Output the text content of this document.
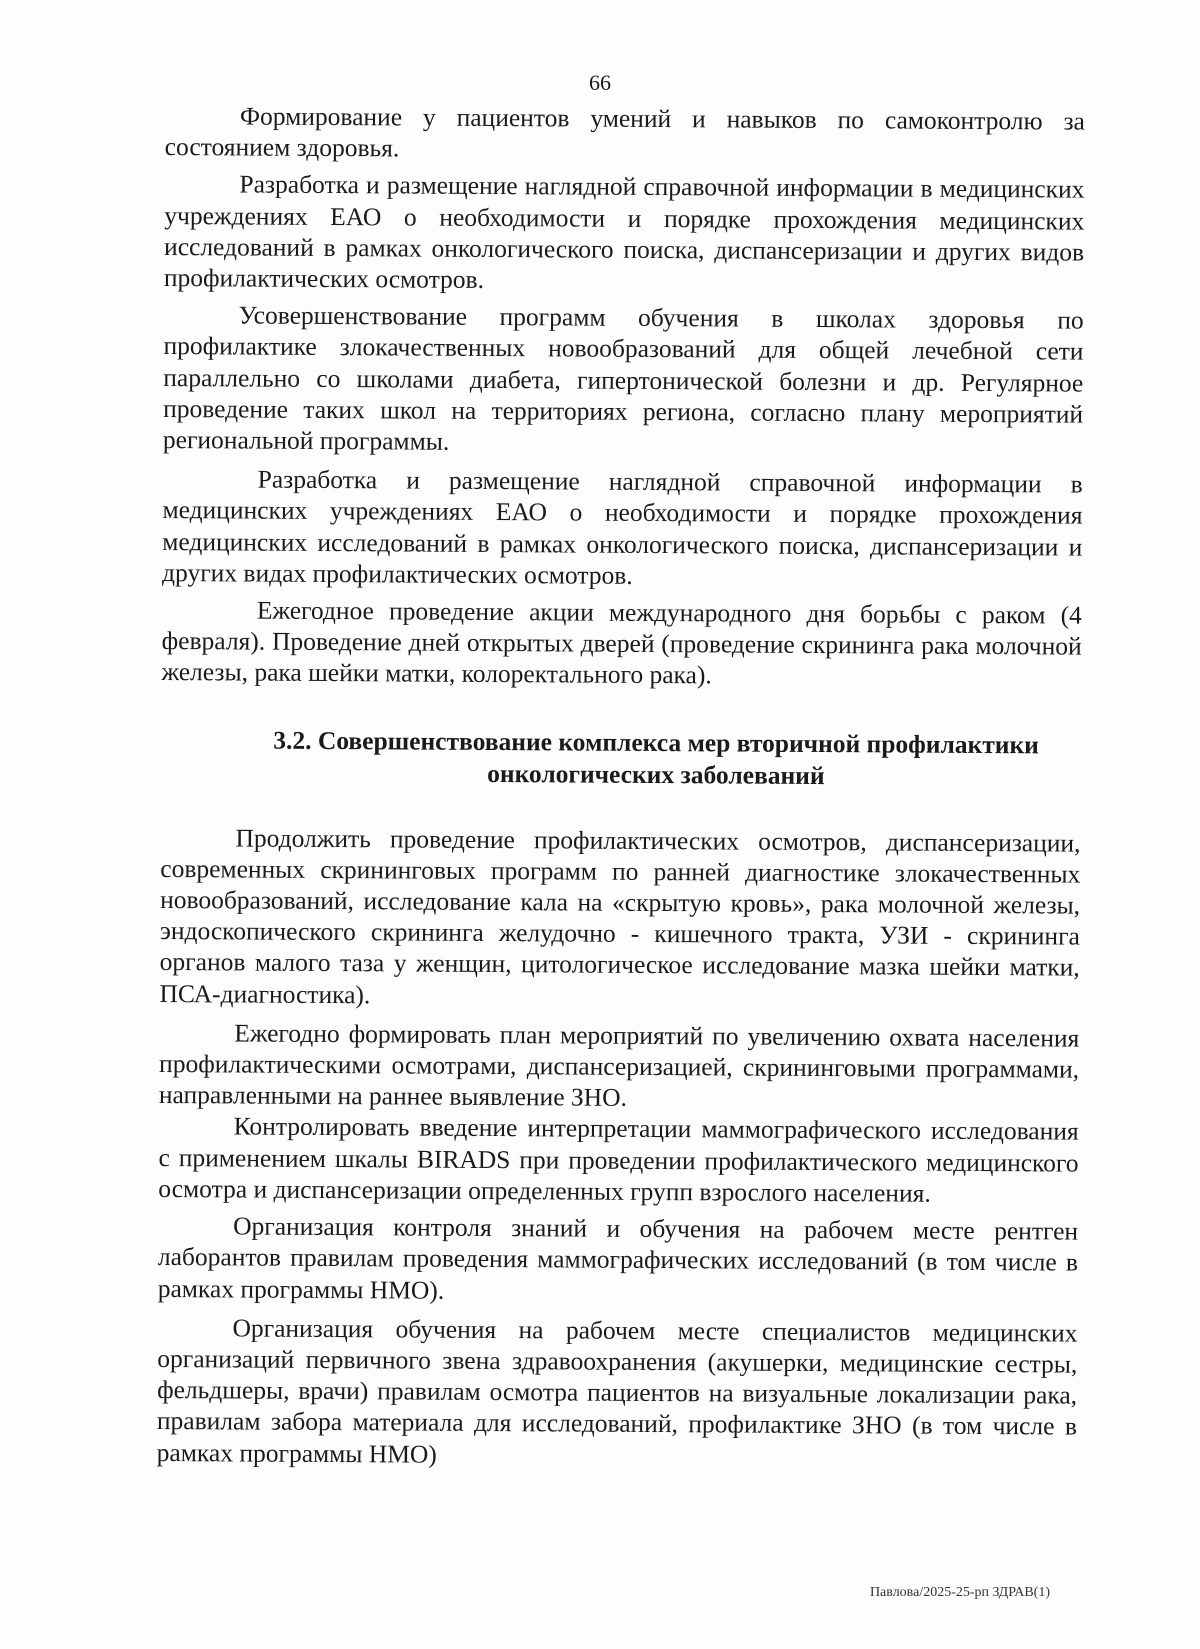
66

Формирование у пациентов умений и навыков по самоконтролю за состоянием здоровья.

Разработка и размещение наглядной справочной информации в медицинских учреждениях ЕАО о необходимости и порядке прохождения медицинских исследований в рамках онкологического поиска, диспансеризации и других видов профилактических осмотров.

Усовершенствование программ обучения в школах здоровья по профилактике злокачественных новообразований для общей лечебной сети параллельно со школами диабета, гипертонической болезни и др. Регулярное проведение таких школ на территориях региона, согласно плану мероприятий региональной программы.

Разработка и размещение наглядной справочной информации в медицинских учреждениях ЕАО о необходимости и порядке прохождения медицинских исследований в рамках онкологического поиска, диспансеризации и других видах профилактических осмотров.

Ежегодное проведение акции международного дня борьбы с раком (4 февраля). Проведение дней открытых дверей (проведение скрининга рака молочной железы, рака шейки матки, колоректального рака).

3.2. Совершенствование комплекса мер вторичной профилактики онкологических заболеваний

Продолжить проведение профилактических осмотров, диспансеризации, современных скрининговых программ по ранней диагностике злокачественных новообразований, исследование кала на «скрытую кровь», рака молочной железы, эндоскопического скрининга желудочно - кишечного тракта, УЗИ - скрининга органов малого таза у женщин, цитологическое исследование мазка шейки матки, ПСА-диагностика).

Ежегодно формировать план мероприятий по увеличению охвата населения профилактическими осмотрами, диспансеризацией, скрининговыми программами, направленными на раннее выявление ЗНО.

Контролировать введение интерпретации маммографического исследования с применением шкалы BIRADS при проведении профилактического медицинского осмотра и диспансеризации определенных групп взрослого населения.

Организация контроля знаний и обучения на рабочем месте рентген лаборантов правилам проведения маммографических исследований (в том числе в рамках программы НМО).

Организация обучения на рабочем месте специалистов медицинских организаций первичного звена здравоохранения (акушерки, медицинские сестры, фельдшеры, врачи) правилам осмотра пациентов на визуальные локализации рака, правилам забора материала для исследований, профилактике ЗНО (в том числе в рамках программы НМО)

Павлова/2025-25-рп ЗДРАВ(1)
